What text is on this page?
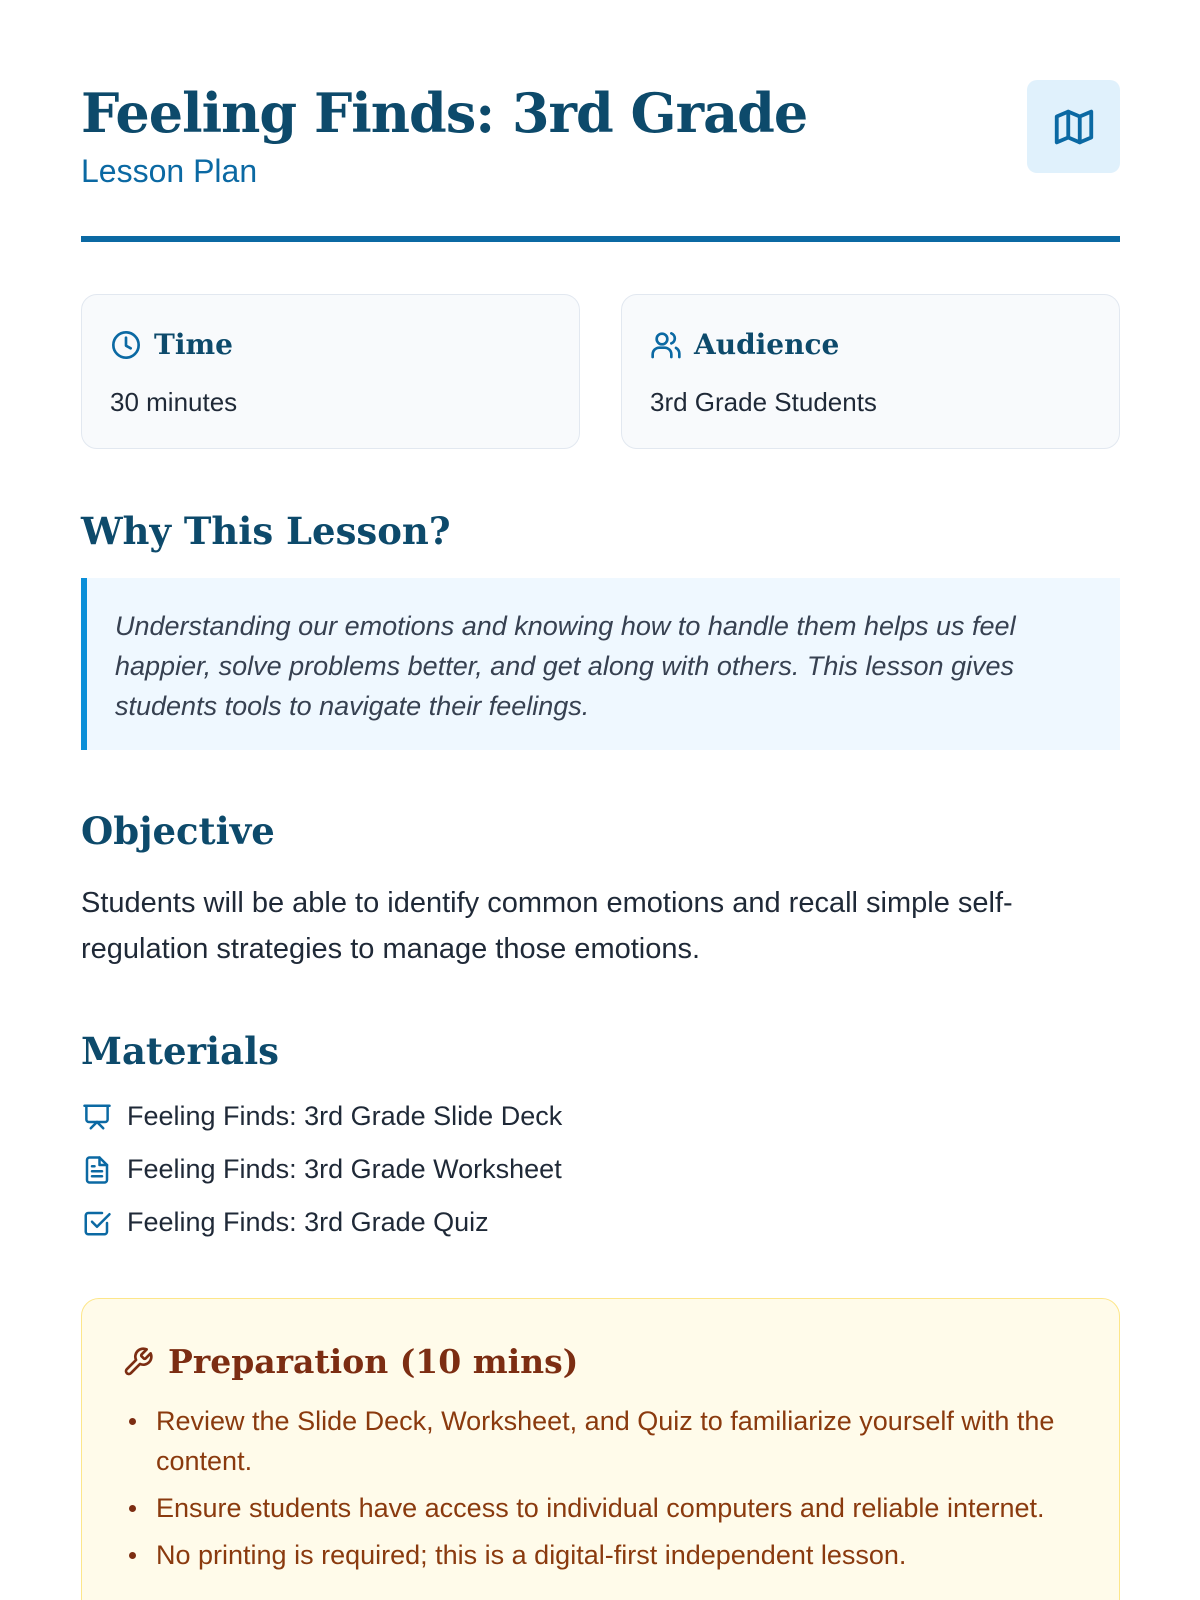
Feeling Finds: 3rd Grade
Lesson Plan
Time
30 minutes
Audience
3rd Grade Students
Why This Lesson?

Understanding our emotions and knowing how to handle them helps us feel happier, solve problems better, and get along with others. This lesson gives students tools to navigate their feelings.

Objective

Students will be able to identify common emotions and recall simple self-regulation strategies to manage those emotions.

Materials
Feeling Finds: 3rd Grade Slide Deck
Feeling Finds: 3rd Grade Worksheet
Feeling Finds: 3rd Grade Quiz
Preparation (10 mins)
Review the Slide Deck, Worksheet, and Quiz to familiarize yourself with the content.
Ensure students have access to individual computers and reliable internet.
No printing is required; this is a digital-first independent lesson.
